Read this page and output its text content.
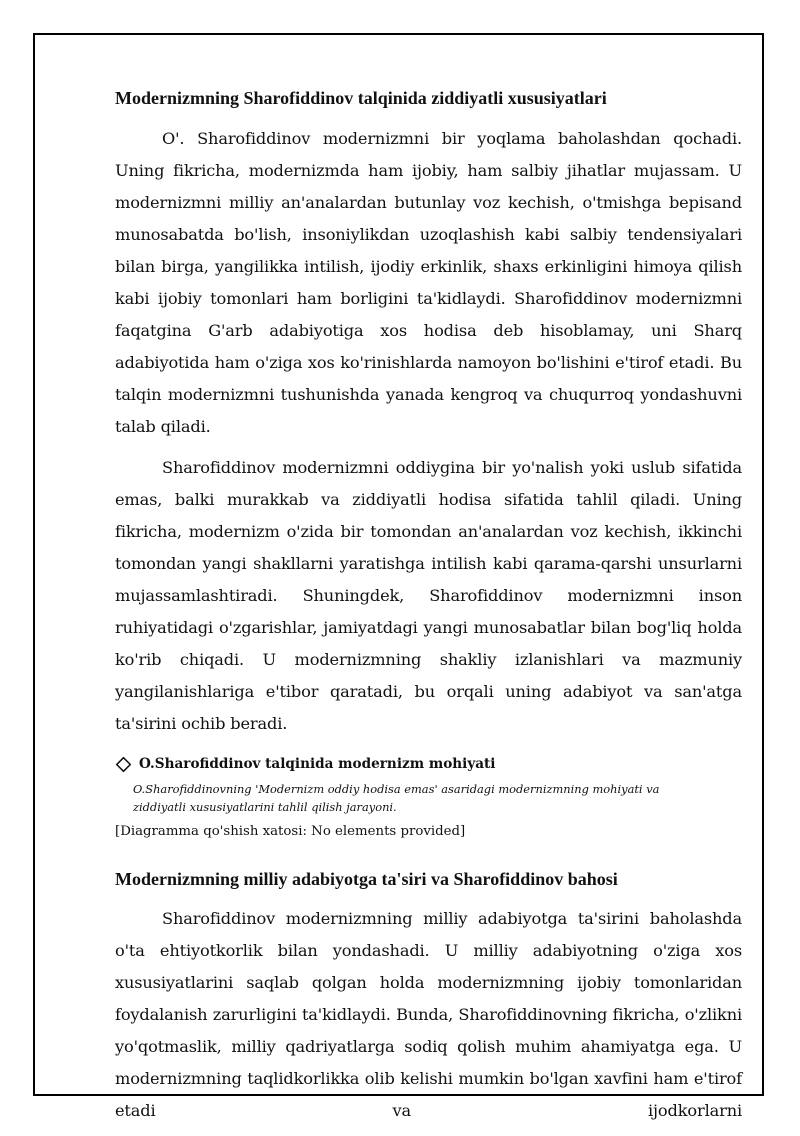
Modernizmning Sharofiddinov talqinida ziddiyatli xususiyatlari

O'. Sharofiddinov modernizmni bir yoqlama baholashdan qochadi. Uning fikricha, modernizmda ham ijobiy, ham salbiy jihatlar mujassam. U modernizmni milliy an'analardan butunlay voz kechish, o'tmishga bepisand munosabatda bo'lish, insoniylikdan uzoqlashish kabi salbiy tendensiyalari bilan birga, yangilikka intilish, ijodiy erkinlik, shaxs erkinligini himoya qilish kabi ijobiy tomonlari ham borligini ta'kidlaydi. Sharofiddinov modernizmni faqatgina G'arb adabiyotiga xos hodisa deb hisoblamay, uni Sharq adabiyotida ham o'ziga xos ko'rinishlarda namoyon bo'lishini e'tirof etadi. Bu talqin modernizmni tushunishda yanada kengroq va chuqurroq yondashuvni talab qiladi.

Sharofiddinov modernizmni oddiygina bir yo'nalish yoki uslub sifatida emas, balki murakkab va ziddiyatli hodisa sifatida tahlil qiladi. Uning fikricha, modernizm o'zida bir tomondan an'analardan voz kechish, ikkinchi tomondan yangi shakllarni yaratishga intilish kabi qarama-qarshi unsurlarni mujassamlashtiradi. Shuningdek, Sharofiddinov modernizmni inson ruhiyatidagi o'zgarishlar, jamiyatdagi yangi munosabatlar bilan bog'liq holda ko'rib chiqadi. U modernizmning shakliy izlanishlari va mazmuniy yangilanishlariga e'tibor qaratadi, bu orqali uning adabiyot va san'atga ta'sirini ochib beradi.

O.Sharofiddinov talqinida modernizm mohiyati
O.Sharofiddinovning 'Modernizm oddiy hodisa emas' asaridagi modernizmning mohiyati va ziddiyatli xususiyatlarini tahlil qilish jarayoni.
[Diagramma qo'shish xatosi: No elements provided]
Modernizmning milliy adabiyotga ta'siri va Sharofiddinov bahosi

Sharofiddinov modernizmning milliy adabiyotga ta'sirini baholashda o'ta ehtiyotkorlik bilan yondashadi. U milliy adabiyotning o'ziga xos xususiyatlarini saqlab qolgan holda modernizmning ijobiy tomonlaridan foydalanish zarurligini ta'kidlaydi. Bunda, Sharofiddinovning fikricha, o'zlikni yo'qotmaslik, milliy qadriyatlarga sodiq qolish muhim ahamiyatga ega. U modernizmning taqlidkorlikka olib kelishi mumkin bo'lgan xavfini ham e'tirof etadi va ijodkorlarni
